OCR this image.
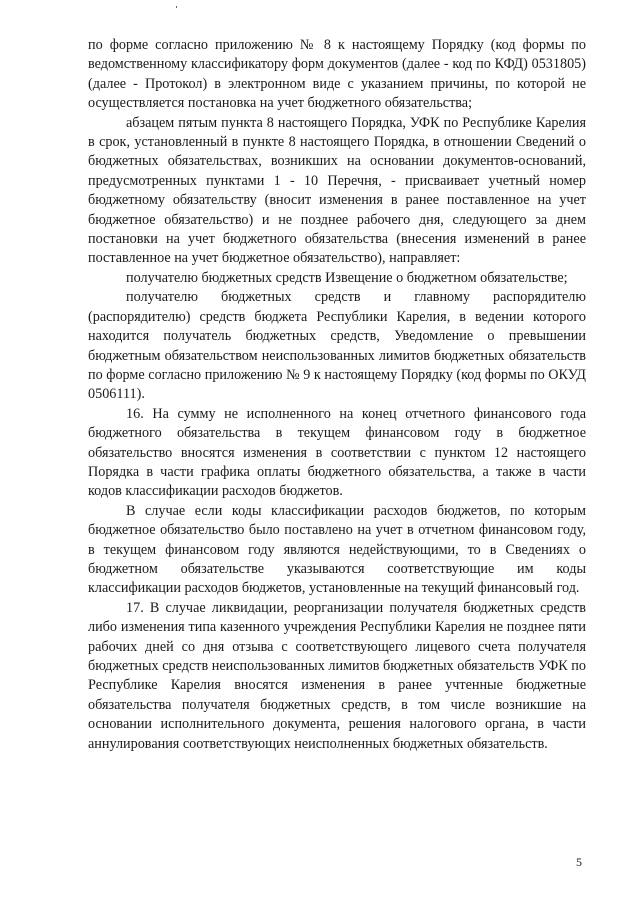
по форме согласно приложению № 8 к настоящему Порядку (код формы по ведомственному классификатору форм документов (далее - код по КФД) 0531805) (далее - Протокол) в электронном виде с указанием причины, по которой не осуществляется постановка на учет бюджетного обязательства;

абзацем пятым пункта 8 настоящего Порядка, УФК по Республике Карелия в срок, установленный в пункте 8 настоящего Порядка, в отношении Сведений о бюджетных обязательствах, возникших на основании документов-оснований, предусмотренных пунктами 1 - 10 Перечня, - присваивает учетный номер бюджетному обязательству (вносит изменения в ранее поставленное на учет бюджетное обязательство) и не позднее рабочего дня, следующего за днем постановки на учет бюджетного обязательства (внесения изменений в ранее поставленное на учет бюджетное обязательство), направляет:

получателю бюджетных средств Извещение о бюджетном обязательстве;

получателю бюджетных средств и главному распорядителю (распорядителю) средств бюджета Республики Карелия, в ведении которого находится получатель бюджетных средств, Уведомление о превышении бюджетным обязательством неиспользованных лимитов бюджетных обязательств по форме согласно приложению № 9 к настоящему Порядку (код формы по ОКУД 0506111).

16. На сумму не исполненного на конец отчетного финансового года бюджетного обязательства в текущем финансовом году в бюджетное обязательство вносятся изменения в соответствии с пунктом 12 настоящего Порядка в части графика оплаты бюджетного обязательства, а также в части кодов классификации расходов бюджетов.

В случае если коды классификации расходов бюджетов, по которым бюджетное обязательство было поставлено на учет в отчетном финансовом году, в текущем финансовом году являются недействующими, то в Сведениях о бюджетном обязательстве указываются соответствующие им коды классификации расходов бюджетов, установленные на текущий финансовый год.

17. В случае ликвидации, реорганизации получателя бюджетных средств либо изменения типа казенного учреждения Республики Карелия не позднее пяти рабочих дней со дня отзыва с соответствующего лицевого счета получателя бюджетных средств неиспользованных лимитов бюджетных обязательств УФК по Республике Карелия вносятся изменения в ранее учтенные бюджетные обязательства получателя бюджетных средств, в том числе возникшие на основании исполнительного документа, решения налогового органа, в части аннулирования соответствующих неисполненных бюджетных обязательств.

5
